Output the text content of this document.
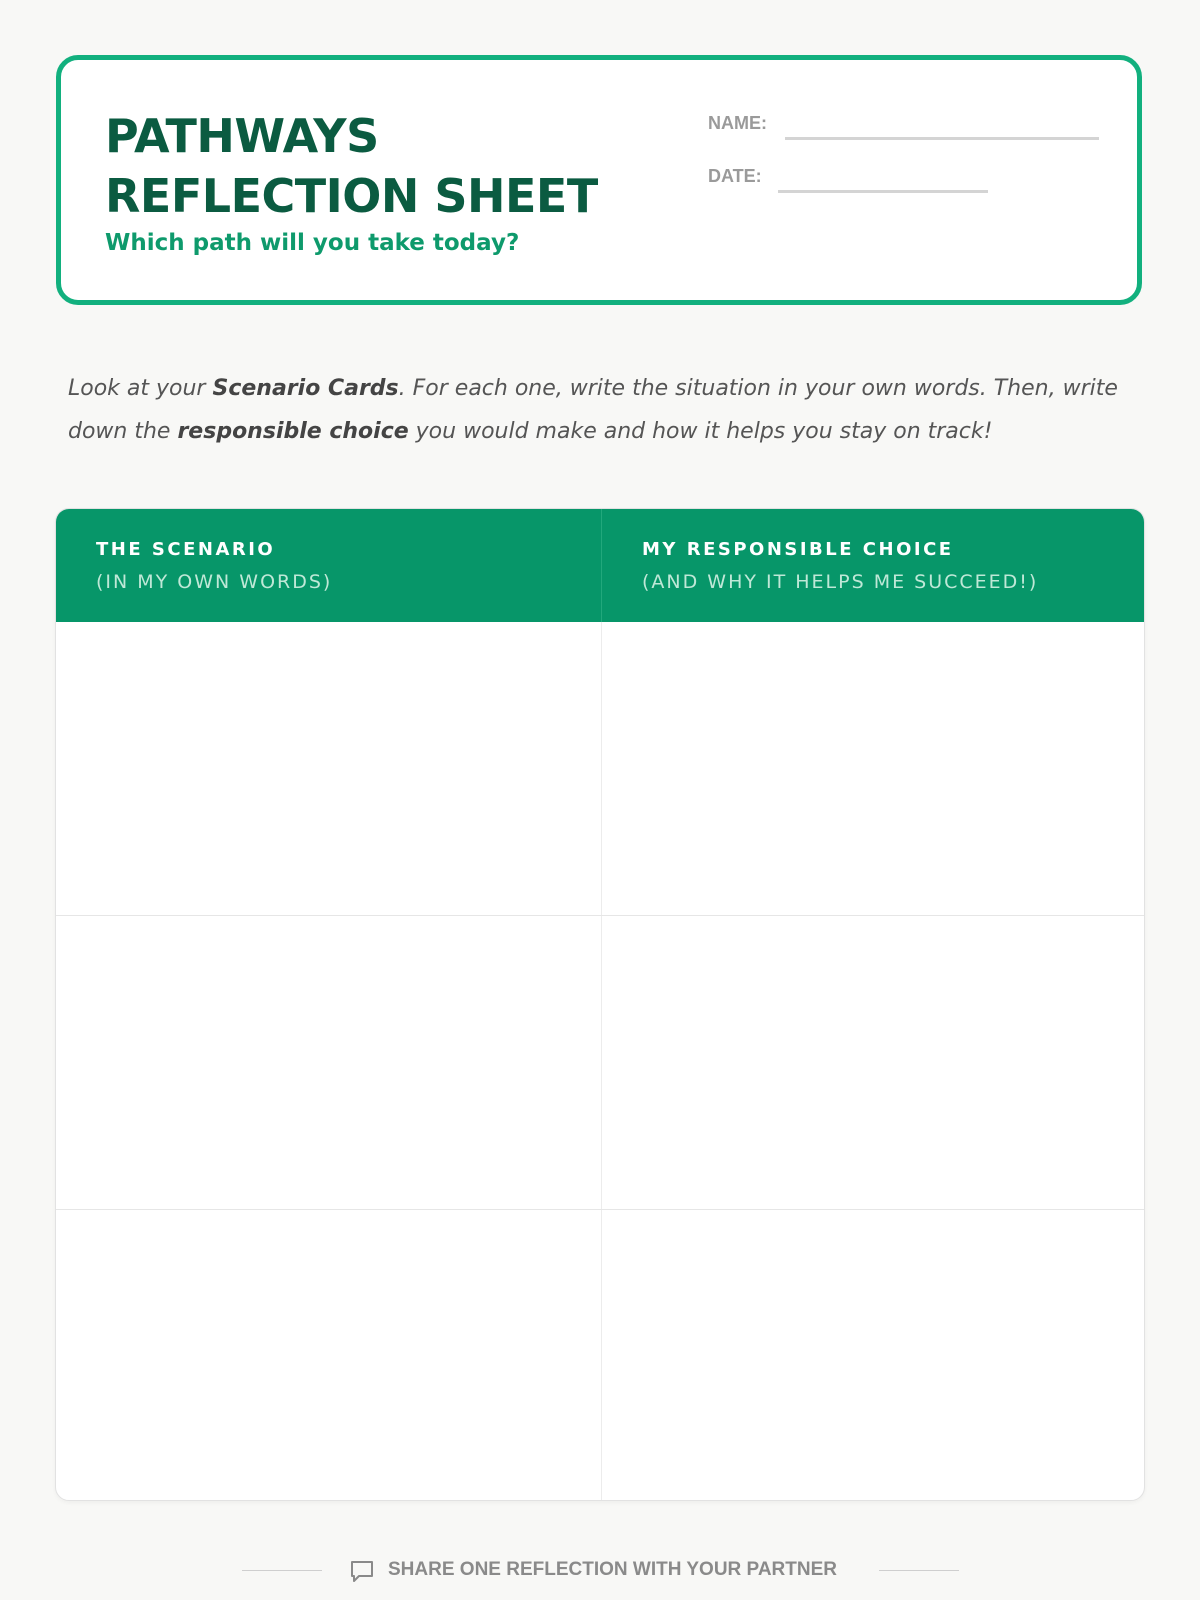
PATHWAYS
REFLECTION SHEET
Which path will you take today?
NAME:
DATE:

Look at your Scenario Cards. For each one, write the situation in your own words. Then, write down the responsible choice you would make and how it helps you stay on track!

THE SCENARIO
(IN MY OWN WORDS)
MY RESPONSIBLE CHOICE
(AND WHY IT HELPS ME SUCCEED!)
SHARE ONE REFLECTION WITH YOUR PARTNER
